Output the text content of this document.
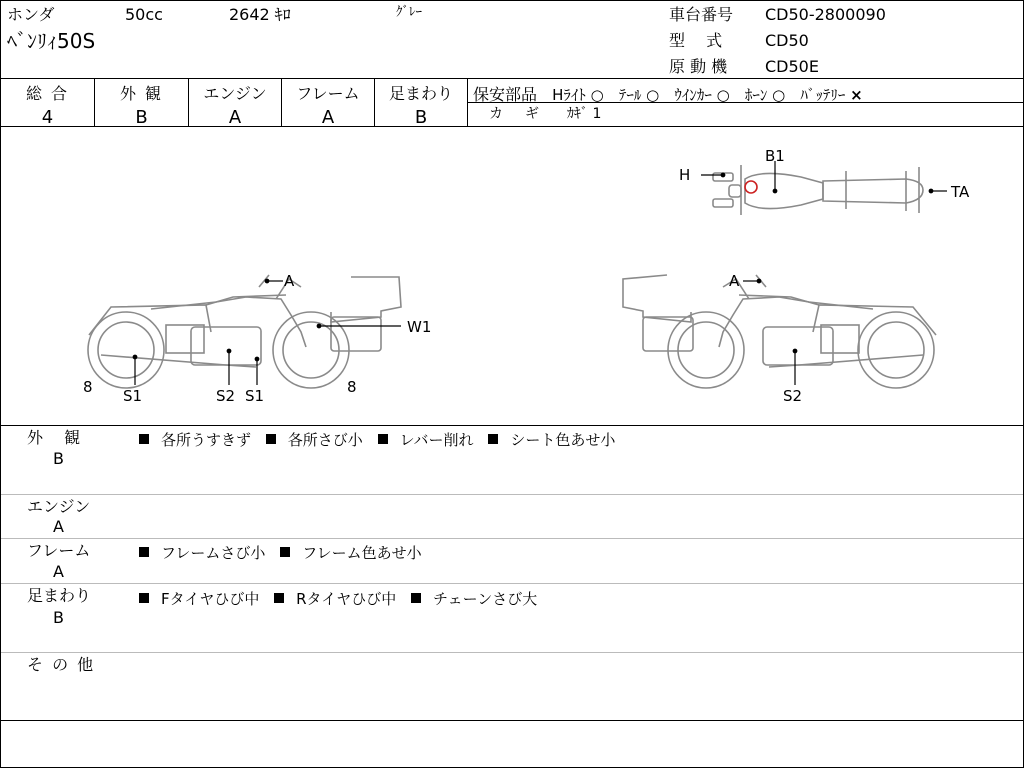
ホンダ	50cc	2642 ｷﾛ	ｸﾞﾚｰ
ﾍﾞﾝﾘｨ50S
車台番号 CD50-2800090
型　 式	CD50
原 動 機 CD50E
総 合
4
外 観
B
エンジン
A
フレーム
A
足まわり
B
保安部品 Hﾗｲﾄ ○ ﾃｰﾙ ○ ｳｲﾝｶｰ ○ ﾎｰﾝ ○ ﾊﾞｯﾃﾘｰ ×
カ　ギ ｶｷﾞ 1
B1
H
TA
A
W1
8	8
S1	S2 S1
A
S2
外　 観
B
各所うすきず 各所さび小 レバー削れ シート色あせ小
エンジン
A
フレーム
A
フレームさび小 フレーム色あせ小
足まわり
B
Fタイヤひび中 Rタイヤひび中 チェーンさび大
そ の 他
